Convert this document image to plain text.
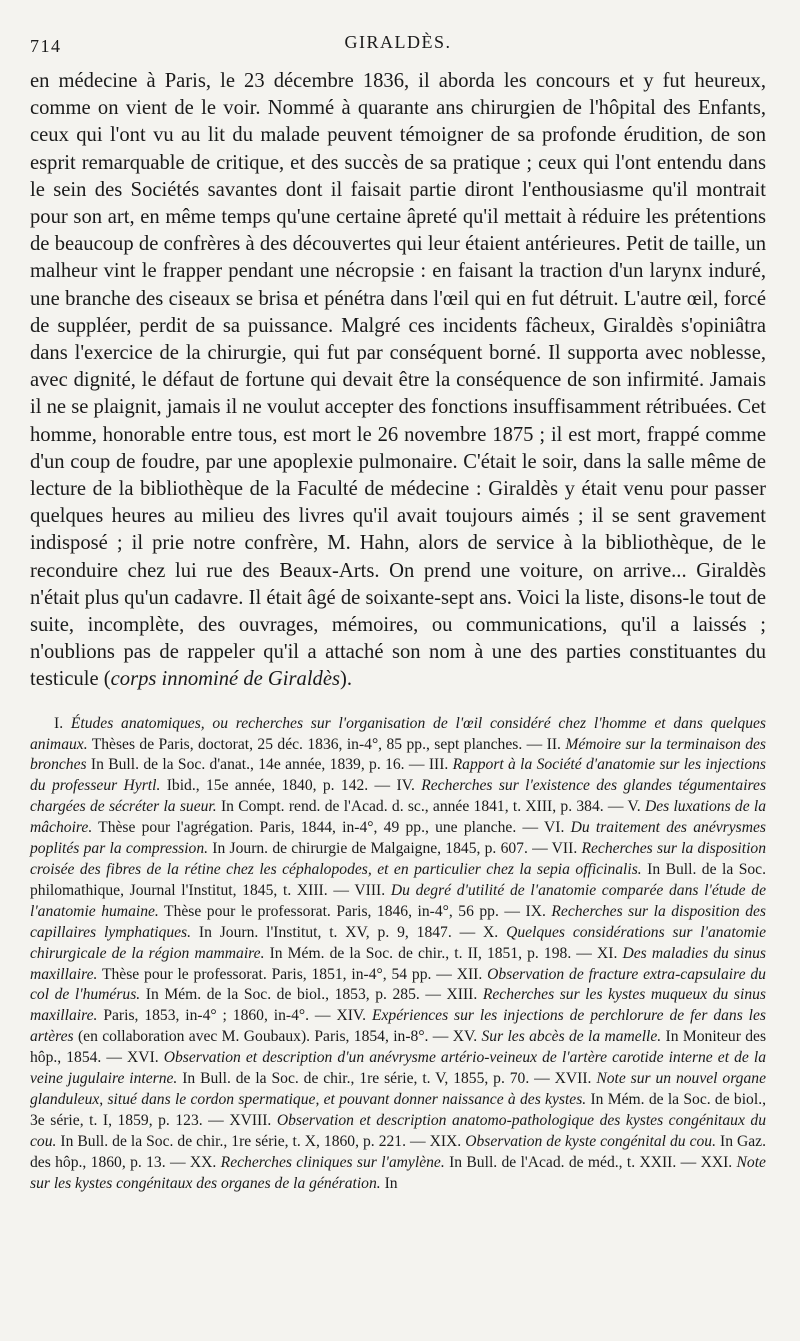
714	GIRALDÈS.

en médecine à Paris, le 23 décembre 1836, il aborda les concours et y fut heureux, comme on vient de le voir. Nommé à quarante ans chirurgien de l'hôpital des Enfants, ceux qui l'ont vu au lit du malade peuvent témoigner de sa profonde érudition, de son esprit remarquable de critique, et des succès de sa pratique ; ceux qui l'ont entendu dans le sein des Sociétés savantes dont il faisait partie diront l'enthousiasme qu'il montrait pour son art, en même temps qu'une certaine âpreté qu'il mettait à réduire les prétentions de beaucoup de confrères à des découvertes qui leur étaient antérieures. Petit de taille, un malheur vint le frapper pendant une nécropsie : en faisant la traction d'un larynx induré, une branche des ciseaux se brisa et pénétra dans l'œil qui en fut détruit. L'autre œil, forcé de suppléer, perdit de sa puissance. Malgré ces incidents fâcheux, Giraldès s'opiniâtra dans l'exercice de la chirurgie, qui fut par conséquent borné. Il supporta avec noblesse, avec dignité, le défaut de fortune qui devait être la conséquence de son infirmité. Jamais il ne se plaignit, jamais il ne voulut accepter des fonctions insuffisamment rétribuées. Cet homme, honorable entre tous, est mort le 26 novembre 1875 ; il est mort, frappé comme d'un coup de foudre, par une apoplexie pulmonaire. C'était le soir, dans la salle même de lecture de la bibliothèque de la Faculté de médecine : Giraldès y était venu pour passer quelques heures au milieu des livres qu'il avait toujours aimés ; il se sent gravement indisposé ; il prie notre confrère, M. Hahn, alors de service à la bibliothèque, de le reconduire chez lui rue des Beaux-Arts. On prend une voiture, on arrive... Giraldès n'était plus qu'un cadavre. Il était âgé de soixante-sept ans. Voici la liste, disons-le tout de suite, incomplète, des ouvrages, mémoires, ou communications, qu'il a laissés ; n'oublions pas de rappeler qu'il a attaché son nom à une des parties constituantes du testicule (corps innominé de Giraldès).

I. Études anatomiques, ou recherches sur l'organisation de l'œil considéré chez l'homme et dans quelques animaux. Thèses de Paris, doctorat, 25 déc. 1836, in-4°, 85 pp., sept planches. — II. Mémoire sur la terminaison des bronches In Bull. de la Soc. d'anat., 14e année, 1839, p. 16. — III. Rapport à la Société d'anatomie sur les injections du professeur Hyrtl. Ibid., 15e année, 1840, p. 142. — IV. Recherches sur l'existence des glandes tégumentaires chargées de sécréter la sueur. In Compt. rend. de l'Acad. d. sc., année 1841, t. XIII, p. 384. — V. Des luxations de la mâchoire. Thèse pour l'agrégation. Paris, 1844, in-4°, 49 pp., une planche. — VI. Du traitement des anévrysmes poplités par la compression. In Journ. de chirurgie de Malgaigne, 1845, p. 607. — VII. Recherches sur la disposition croisée des fibres de la rétine chez les céphalopodes, et en particulier chez la sepia officinalis. In Bull. de la Soc. philomathique, Journal l'Institut, 1845, t. XIII. — VIII. Du degré d'utilité de l'anatomie comparée dans l'étude de l'anatomie humaine. Thèse pour le professorat. Paris, 1846, in-4°, 56 pp. — IX. Recherches sur la disposition des capillaires lymphatiques. In Journ. l'Institut, t. XV, p. 9, 1847. — X. Quelques considérations sur l'anatomie chirurgicale de la région mammaire. In Mém. de la Soc. de chir., t. II, 1851, p. 198. — XI. Des maladies du sinus maxillaire. Thèse pour le professorat. Paris, 1851, in-4°, 54 pp. — XII. Observation de fracture extra-capsulaire du col de l'humérus. In Mém. de la Soc. de biol., 1853, p. 285. — XIII. Recherches sur les kystes muqueux du sinus maxillaire. Paris, 1853, in-4° ; 1860, in-4°. — XIV. Expériences sur les injections de perchlorure de fer dans les artères (en collaboration avec M. Goubaux). Paris, 1854, in-8°. — XV. Sur les abcès de la mamelle. In Moniteur des hôp., 1854. — XVI. Observation et description d'un anévrysme artério-veineux de l'artère carotide interne et de la veine jugulaire interne. In Bull. de la Soc. de chir., 1re série, t. V, 1855, p. 70. — XVII. Note sur un nouvel organe glanduleux, situé dans le cordon spermatique, et pouvant donner naissance à des kystes. In Mém. de la Soc. de biol., 3e série, t. I, 1859, p. 123. — XVIII. Observation et description anatomo-pathologique des kystes congénitaux du cou. In Bull. de la Soc. de chir., 1re série, t. X, 1860, p. 221. — XIX. Observation de kyste congénital du cou. In Gaz. des hôp., 1860, p. 13. — XX. Recherches cliniques sur l'amylène. In Bull. de l'Acad. de méd., t. XXII. — XXI. Note sur les kystes congénitaux des organes de la génération. In
